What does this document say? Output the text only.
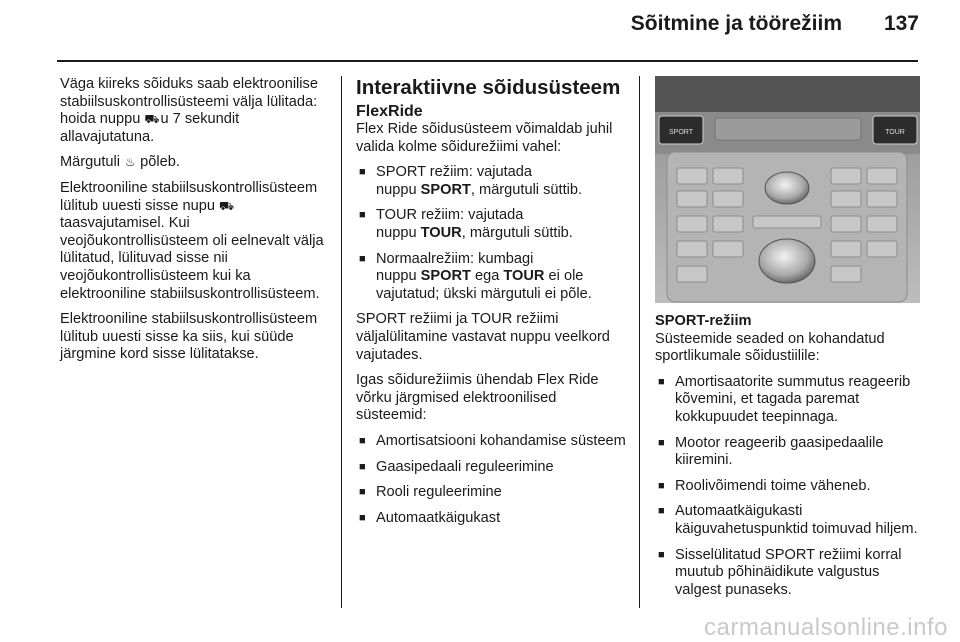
Sõitmine ja töörežiim 137

Väga kiireks sõiduks saab elektroonilise stabiilsuskontrollisüsteemi välja lülitada: hoida nuppu ⛟ u 7 sekundit allavajutatuna.

Märgutuli ♨ põleb.

Elektrooniline stabiilsuskontrollisüsteem lülitub uuesti sisse nupu ⛟ taasvajutamisel. Kui veojõukontrollisüsteem oli eelnevalt välja lülitatud, lülituvad sisse nii veojõukontrollisüsteem kui ka elektrooniline stabiilsuskontrollisüsteem.

Elektrooniline stabiilsuskontrollisüsteem lülitub uuesti sisse ka siis, kui süüde järgmine kord sisse lülitatakse.

Interaktiivne sõidusüsteem
FlexRide

Flex Ride sõidusüsteem võimaldab juhil valida kolme sõidurežiimi vahel:

■ SPORT režiim: vajutada
nuppu SPORT, märgutuli süttib.
■ TOUR režiim: vajutada
nuppu TOUR, märgutuli süttib.
■ Normaalrežiim: kumbagi
nuppu SPORT ega TOUR ei ole vajutatud; ükski märgutuli ei põle.

SPORT režiimi ja TOUR režiimi väljalülitamine vastavat nuppu veelkord vajutades.

Igas sõidurežiimis ühendab Flex Ride võrku järgmised elektroonilised süsteemid:

■ Amortisatsiooni kohandamise süsteem
■ Gaasipedaali reguleerimine
■ Rooli reguleerimine
■ Automaatkäigukast
SPORT	TOUR
SPORT-režiim

Süsteemide seaded on kohandatud sportlikumale sõidustiilile:

■ Amortisaatorite summutus reageerib kõvemini, et tagada paremat kokkupuudet teepinnaga.
■ Mootor reageerib gaasipedaalile kiiremini.
■ Roolivõimendi toime väheneb.
■ Automaatkäigukasti käiguvahetuspunktid toimuvad hiljem.
■ Sisselülitatud SPORT režiimi korral muutub põhinäidikute valgustus valgest punaseks.
carmanualsonline.info
